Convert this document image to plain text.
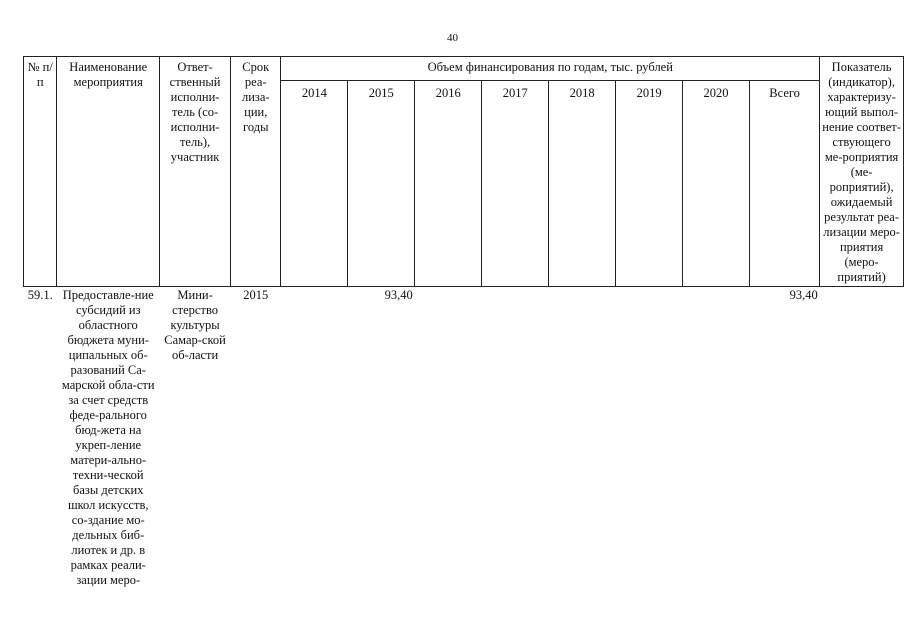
40
№ п/п	Наименование мероприятия	Ответ-ственный исполни-тель (со-исполни-тель), участник	Срок реа-лиза-ции, годы	Объем финансирования по годам, тыс. рублей								Показатель (индикатор), характеризу-ющий выпол-нение соответ-ствующего ме-роприятия (ме-роприятий), ожидаемый результат реа-лизации меро-приятия (меро-приятий)
				2014	2015	2016	2017	2018	2019	2020	Всего	
59.1.	Предоставле-ние субсидий из областного бюджета муни-ципальных об-разований Са-марской обла-сти за счет средств феде-рального бюд-жета на укреп-ление матери-ально-техни-ческой базы детских школ искусств, со-здание мо-дельных биб-лиотек и др. в рамках реали-зации меро-	Мини-стерство культуры Самар-ской об-ласти	2015		93,40						93,40	
